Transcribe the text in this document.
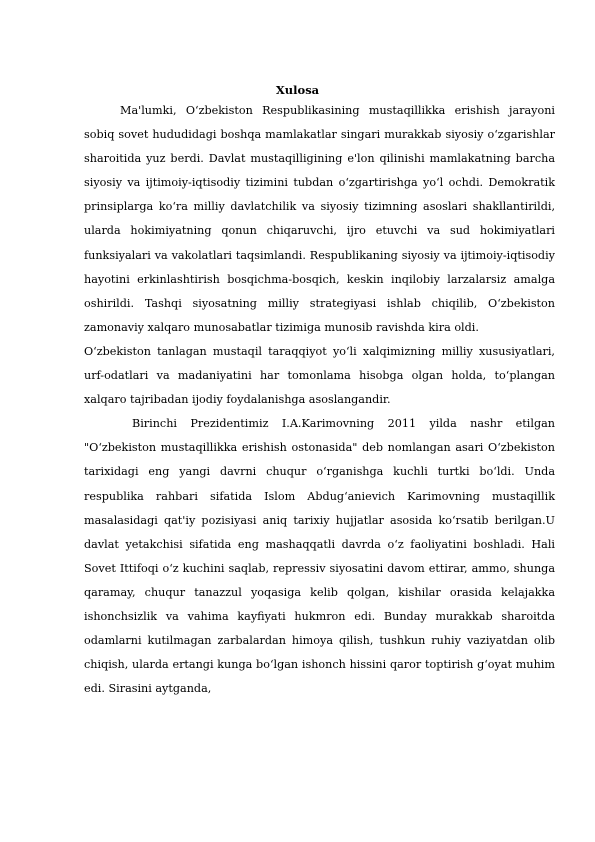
Xulosa

Ma'lumki, O‘zbekiston Respublikasining mustaqillikka erishish jarayoni sobiq sovet hududidagi boshqa mamlakatlar singari murakkab siyosiy o‘zgarishlar sharoitida yuz berdi. Davlat mustaqilligining e'lon qilinishi mamlakatning barcha siyosiy va ijtimoiy-iqtisodiy tizimini tubdan o‘zgartirishga yo‘l ochdi. Demokratik prinsiplarga ko‘ra milliy davlatchilik va siyosiy tizimning asoslari shakllantirildi, ularda hokimiyatning qonun chiqaruvchi, ijro etuvchi va sud hokimiyatlari funksiyalari va vakolatlari taqsimlandi. Respublikaning siyosiy va ijtimoiy-iqtisodiy hayotini erkinlashtirish bosqichma-bosqich, keskin inqilobiy larzalarsiz amalga oshirildi. Tashqi siyosatning milliy strategiyasi ishlab chiqilib, O‘zbekiston zamonaviy xalqaro munosabatlar tizimiga munosib ravishda kira oldi.

O‘zbekiston tanlagan mustaqil taraqqiyot yo‘li xalqimizning milliy xususiyatlari, urf-odatlari va madaniyatini har tomonlama hisobga olgan holda, to‘plangan xalqaro tajribadan ijodiy foydalanishga asoslangandir.

Birinchi Prezidentimiz I.A.Karimovning 2011 yilda nashr etilgan "O‘zbekiston mustaqillikka erishish ostonasida" deb nomlangan asari O‘zbekiston tarixidagi eng yangi davrni chuqur o‘rganishga kuchli turtki bo‘ldi. Unda respublika rahbari sifatida Islom Abdug‘anievich Karimovning mustaqillik masalasidagi qat'iy pozisiyasi aniq tarixiy hujjatlar asosida ko‘rsatib berilgan.U davlat yetakchisi sifatida eng mashaqqatli davrda o‘z faoliyatini boshladi. Hali Sovet Ittifoqi o‘z kuchini saqlab, repressiv siyosatini davom ettirar, ammo, shunga qaramay, chuqur tanazzul yoqasiga kelib qolgan, kishilar orasida kelajakka ishonchsizlik va vahima kayfiyati hukmron edi. Bunday murakkab sharoitda odamlarni kutilmagan zarbalardan himoya qilish, tushkun ruhiy vaziyatdan olib chiqish, ularda ertangi kunga bo‘lgan ishonch hissini qaror toptirish g‘oyat muhim edi. Sirasini aytganda,
